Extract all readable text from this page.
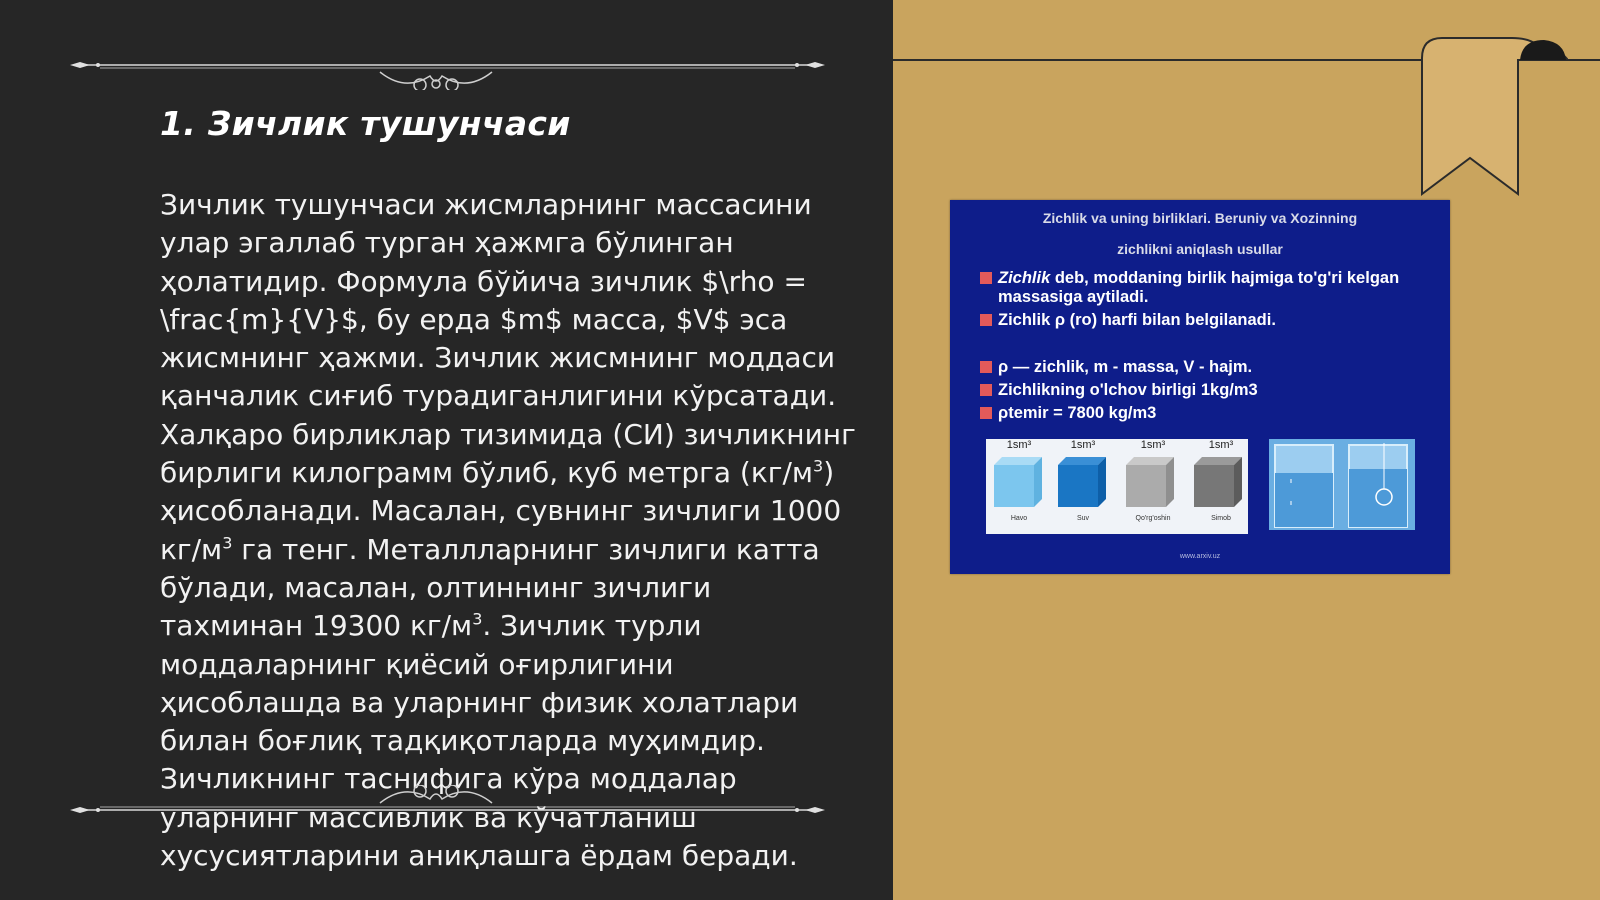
1. Зичлик тушунчаси

Зичлик тушунчаси жисмларнинг массасини улар эгаллаб турган ҳажмга бўлинган ҳолатидир. Формула бўйича зичлик $\rho = \frac{m}{V}$, бу ерда $m$ масса, $V$ эса жисмнинг ҳажми. Зичлик жисмнинг моддаси қанчалик сиғиб турадиганлигини кўрсатади. Халқаро бирликлар тизимида (СИ) зичликнинг бирлиги килограмм бўлиб, куб метрга $(кг/м^3)$ ҳисобланади. Масалан, сувнинг зичлиги 1000 $кг/м^3$ га тенг. Металлларнинг зичлиги катта бўлади, масалан, олтиннинг зичлиги тахминан 19300 $кг/м^3$. Зичлик турли моддаларнинг қиёсий оғирлигини ҳисоблашда ва уларнинг физик холатлари билан боғлиқ тадқиқотларда муҳимдир. Зичликнинг таснифига кўра моддалар уларнинг массивлик ва кўчатланиш хусусиятларини аниқлашга ёрдам беради.

Zichlik va uning birliklari. Beruniy va Xozinning
zichlikni aniqlash usullar
Zichlik deb, moddaning birlik hajmiga to'g'ri kelgan massasiga aytiladi.
Zichlik ρ (ro) harfi bilan belgilanadi.
ρ — zichlik, m - massa, V - hajm.
Zichlikning o'lchov birligi 1kg/m3
ρtemir = 7800 kg/m3
1sm³	1sm³	1sm³	1sm³
Havo	Suv	Qo'rg'oshin	Simob
www.arxiv.uz
